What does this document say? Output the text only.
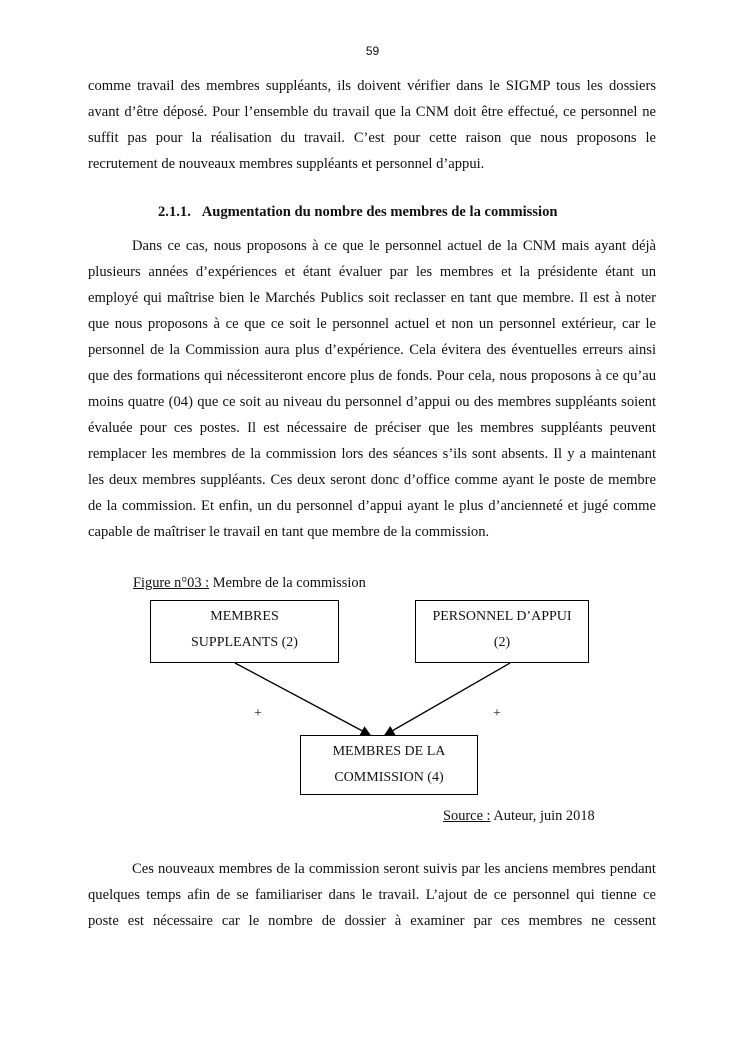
59
comme travail des membres suppléants, ils doivent vérifier dans le SIGMP tous les dossiers
avant d’être déposé. Pour l’ensemble du travail que la CNM doit être effectué, ce personnel ne
suffit pas pour la réalisation du travail. C’est pour cette raison que nous proposons le
recrutement de nouveaux membres suppléants et personnel d’appui.
2.1.1. Augmentation du nombre des membres de la commission
Dans ce cas, nous proposons à ce que le personnel actuel de la CNM mais ayant déjà
plusieurs années d’expériences et étant évaluer par les membres et la présidente étant un
employé qui maîtrise bien le Marchés Publics soit reclasser en tant que membre. Il est à noter
que nous proposons à ce que ce soit le personnel actuel et non un personnel extérieur, car le
personnel de la Commission aura plus d’expérience. Cela évitera des éventuelles erreurs ainsi
que des formations qui nécessiteront encore plus de fonds. Pour cela, nous proposons à ce qu’au
moins quatre (04) que ce soit au niveau du personnel d’appui ou des membres suppléants soient
évaluée pour ces postes. Il est nécessaire de préciser que les membres suppléants peuvent
remplacer les membres de la commission lors des séances s’ils sont absents. Il y a maintenant
les deux membres suppléants. Ces deux seront donc d’office comme ayant le poste de membre
de la commission. Et enfin, un du personnel d’appui ayant le plus d’ancienneté et jugé comme
capable de maîtriser le travail en tant que membre de la commission.
Figure n°03 : Membre de la commission
MEMBRES
SUPPLEANTS (2)
PERSONNEL D’APPUI
(2)
MEMBRES DE LA
COMMISSION (4)
+	+
Source : Auteur, juin 2018
Ces nouveaux membres de la commission seront suivis par les anciens membres pendant
quelques temps afin de se familiariser dans le travail. L’ajout de ce personnel qui tienne ce
poste est nécessaire car le nombre de dossier à examiner par ces membres ne cessent
